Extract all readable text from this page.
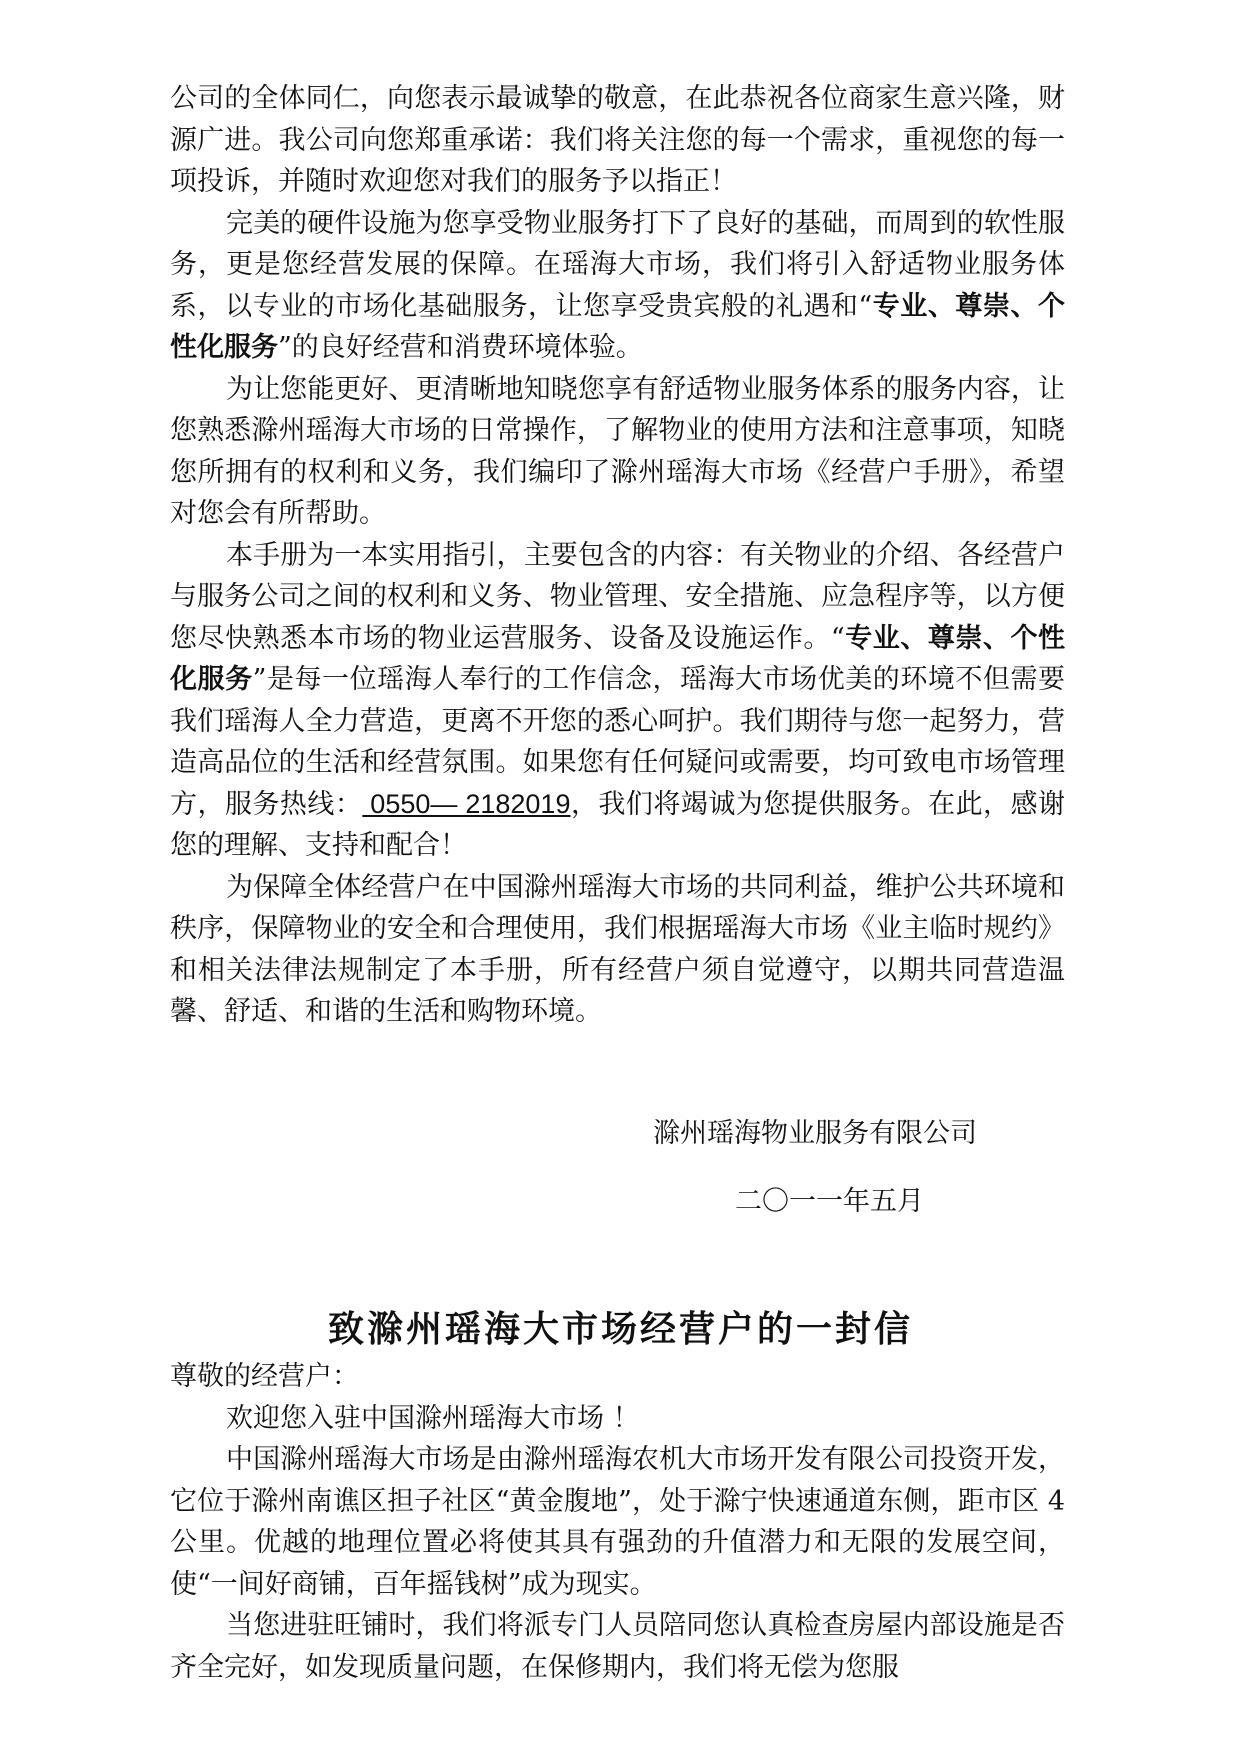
公司的全体同仁，向您表示最诚挚的敬意，在此恭祝各位商家生意兴隆，财源广进。我公司向您郑重承诺：我们将关注您的每一个需求，重视您的每一项投诉，并随时欢迎您对我们的服务予以指正！

完美的硬件设施为您享受物业服务打下了良好的基础，而周到的软性服务，更是您经营发展的保障。在瑶海大市场，我们将引入舒适物业服务体系，以专业的市场化基础服务，让您享受贵宾般的礼遇和“专业、尊崇、个性化服务”的良好经营和消费环境体验。

为让您能更好、更清晰地知晓您享有舒适物业服务体系的服务内容，让您熟悉滁州瑶海大市场的日常操作，了解物业的使用方法和注意事项，知晓您所拥有的权利和义务，我们编印了滁州瑶海大市场《经营户手册》，希望对您会有所帮助。

本手册为一本实用指引，主要包含的内容：有关物业的介绍、各经营户与服务公司之间的权利和义务、物业管理、安全措施、应急程序等，以方便您尽快熟悉本市场的物业运营服务、设备及设施运作。“专业、尊崇、个性化服务”是每一位瑶海人奉行的工作信念，瑶海大市场优美的环境不但需要我们瑶海人全力营造，更离不开您的悉心呵护。我们期待与您一起努力，营造高品位的生活和经营氛围。如果您有任何疑问或需要，均可致电市场管理方，服务热线： 0550— 2182019，我们将竭诚为您提供服务。在此，感谢您的理解、支持和配合！

为保障全体经营户在中国滁州瑶海大市场的共同利益，维护公共环境和秩序，保障物业的安全和合理使用，我们根据瑶海大市场《业主临时规约》和相关法律法规制定了本手册，所有经营户须自觉遵守，以期共同营造温馨、舒适、和谐的生活和购物环境。

滁州瑶海物业服务有限公司
二〇一一年五月
致滁州瑶海大市场经营户的一封信

尊敬的经营户：

欢迎您入驻中国滁州瑶海大市场 ！

中国滁州瑶海大市场是由滁州瑶海农机大市场开发有限公司投资开发，它位于滁州南谯区担子社区“黄金腹地”，处于滁宁快速通道东侧，距市区 4 公里。优越的地理位置必将使其具有强劲的升值潜力和无限的发展空间，使“一间好商铺，百年摇钱树”成为现实。

当您进驻旺铺时，我们将派专门人员陪同您认真检查房屋内部设施是否齐全完好，如发现质量问题，在保修期内，我们将无偿为您服
